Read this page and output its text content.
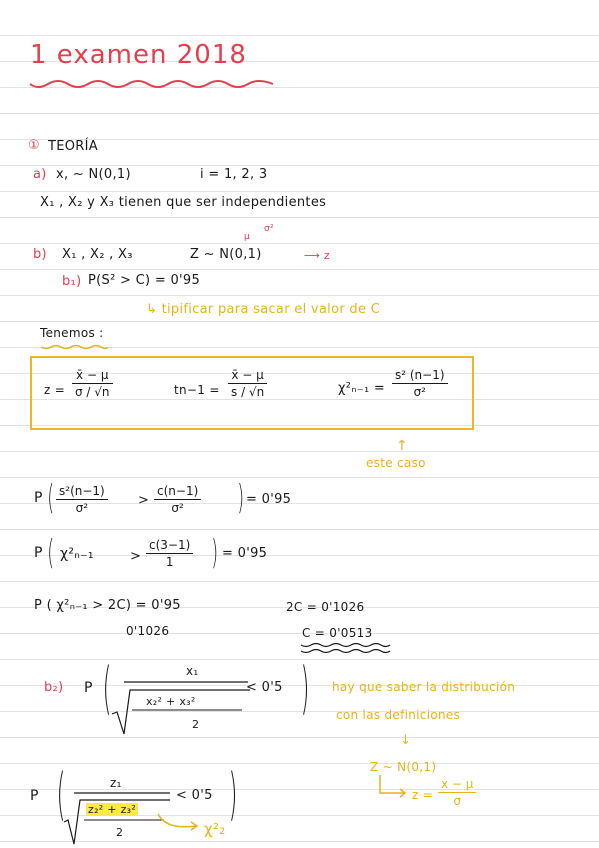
1 examen 2018
① TEORÍA
a) x, ~ N(0,1)	i = 1, 2, 3
X₁ , X₂ y X₃ tienen que ser independientes
b) X₁ , X₂ , X₃	Z ~ N(0,1)
μ
σ²
⟶ z
b₁) P(S² > C) = 0'95
↳ tipificar para sacar el valor de C
Tenemos :
z =
x̄ − μ
σ / √n	tn−1 =
x̄ − μ
s / √n	χ²ₙ₋₁ =
s² (n−1)
σ²
↑
este caso
P ( s²(n−1)
σ²	>
c(n−1)
σ² ) = 0'95
P ( χ²ₙ₋₁	>
c(3−1)
1 ) = 0'95
P ( χ²ₙ₋₁ > 2C) = 0'95
0'1026
2C = 0'1026
C = 0'0513
b₂) P (	x₁
x₂² + x₃²
2
< 0'5 ) hay que saber la distribución
con las definiciones
↓
Z ~ N(0,1)
z =
x − μ
σ
P (	z₁
z₂² + z₃²
2
< 0'5 )
χ²₂
